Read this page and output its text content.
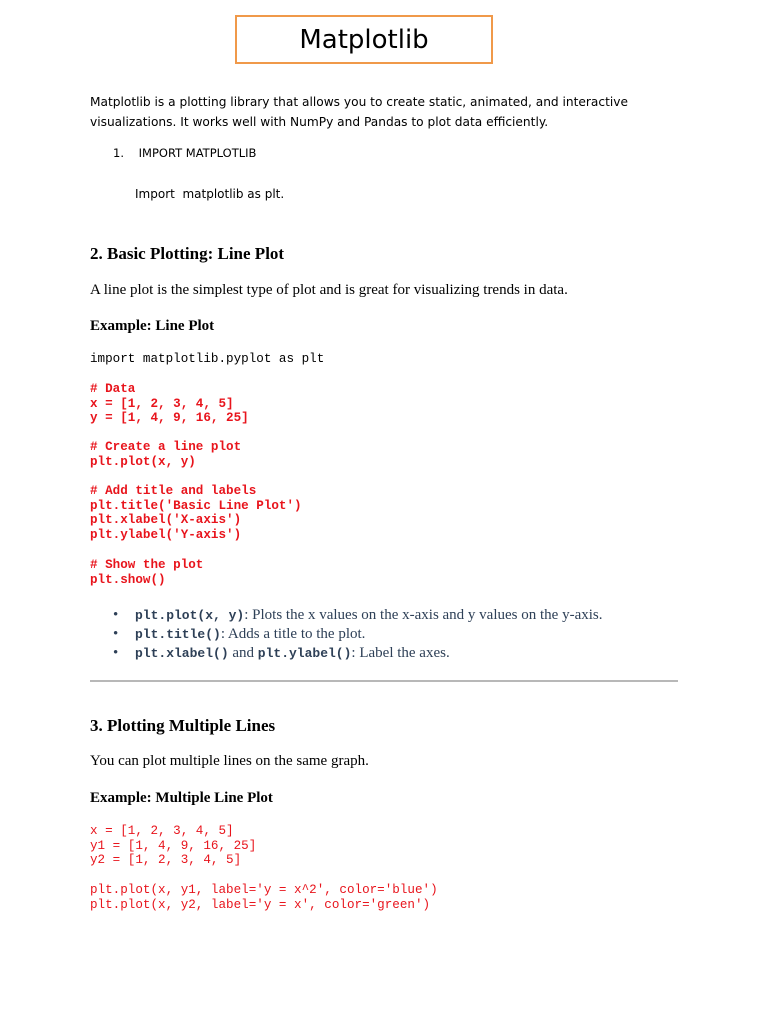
Matplotlib
Matplotlib is a plotting library that allows you to create static, animated, and interactive visualizations. It works well with NumPy and Pandas to plot data efficiently.
1. IMPORT MATPLOTLIB
Import  matplotlib as plt.
2. Basic Plotting: Line Plot

A line plot is the simplest type of plot and is great for visualizing trends in data.

Example: Line Plot
import matplotlib.pyplot as plt
# Data
x = [1, 2, 3, 4, 5]
y = [1, 4, 9, 16, 25]
# Create a line plot
plt.plot(x, y)
# Add title and labels
plt.title('Basic Line Plot')
plt.xlabel('X-axis')
plt.ylabel('Y-axis')
# Show the plot
plt.show()
• plt.plot(x, y): Plots the x values on the x-axis and y values on the y-axis.
• plt.title(): Adds a title to the plot.
• plt.xlabel() and plt.ylabel(): Label the axes.
3. Plotting Multiple Lines

You can plot multiple lines on the same graph.

Example: Multiple Line Plot
x = [1, 2, 3, 4, 5]
y1 = [1, 4, 9, 16, 25]
y2 = [1, 2, 3, 4, 5]
plt.plot(x, y1, label='y = x^2', color='blue')
plt.plot(x, y2, label='y = x', color='green')
